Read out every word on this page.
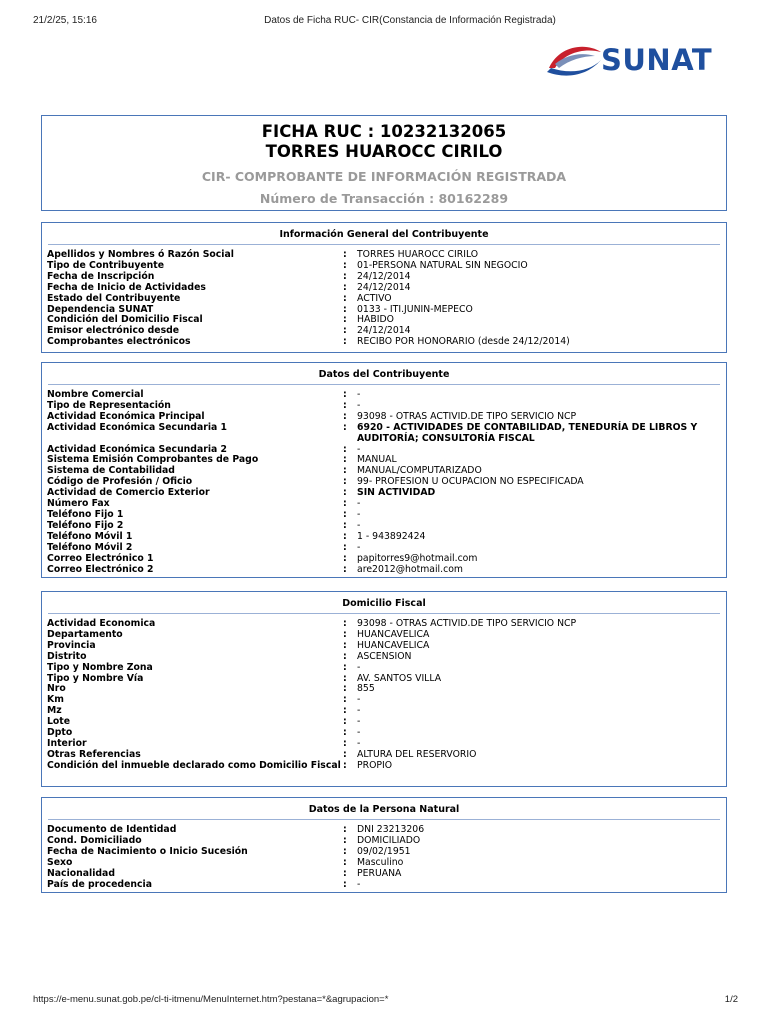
21/2/25, 15:16	Datos de Ficha RUC- CIR(Constancia de Información Registrada)
SUNAT
FICHA RUC : 10232132065
TORRES HUAROCC CIRILO
CIR- COMPROBANTE DE INFORMACIÓN REGISTRADA
Número de Transacción : 80162289
Información General del Contribuyente
Apellidos y Nombres ó Razón Social	:	TORRES HUAROCC CIRILO
Tipo de Contribuyente	:	01-PERSONA NATURAL SIN NEGOCIO
Fecha de Inscripción	:	24/12/2014
Fecha de Inicio de Actividades	:	24/12/2014
Estado del Contribuyente	:	ACTIVO
Dependencia SUNAT	:	0133 - ITI.JUNIN-MEPECO
Condición del Domicilio Fiscal	:	HABIDO
Emisor electrónico desde	:	24/12/2014
Comprobantes electrónicos	:	RECIBO POR HONORARIO (desde 24/12/2014)
Datos del Contribuyente
Nombre Comercial	:	-
Tipo de Representación	:	-
Actividad Económica Principal	:	93098 - OTRAS ACTIVID.DE TIPO SERVICIO NCP
Actividad Económica Secundaria 1	:	6920 - ACTIVIDADES DE CONTABILIDAD, TENEDURÍA DE LIBROS Y AUDITORÍA; CONSULTORÍA FISCAL
Actividad Económica Secundaria 2	:	-
Sistema Emisión Comprobantes de Pago	:	MANUAL
Sistema de Contabilidad	:	MANUAL/COMPUTARIZADO
Código de Profesión / Oficio	:	99- PROFESION U OCUPACION NO ESPECIFICADA
Actividad de Comercio Exterior	:	SIN ACTIVIDAD
Número Fax	:	-
Teléfono Fijo 1	:	-
Teléfono Fijo 2	:	-
Teléfono Móvil 1	:	1 - 943892424
Teléfono Móvil 2	:	-
Correo Electrónico 1	:	papitorres9@hotmail.com
Correo Electrónico 2	:	are2012@hotmail.com
Domicilio Fiscal
Actividad Economica	:	93098 - OTRAS ACTIVID.DE TIPO SERVICIO NCP
Departamento	:	HUANCAVELICA
Provincia	:	HUANCAVELICA
Distrito	:	ASCENSION
Tipo y Nombre Zona	:	-
Tipo y Nombre Vía	:	AV. SANTOS VILLA
Nro	:	855
Km	:	-
Mz	:	-
Lote	:	-
Dpto	:	-
Interior	:	-
Otras Referencias	:	ALTURA DEL RESERVORIO
Condición del inmueble declarado como Domicilio Fiscal :	PROPIO
Datos de la Persona Natural
Documento de Identidad	:	DNI 23213206
Cond. Domiciliado	:	DOMICILIADO
Fecha de Nacimiento o Inicio Sucesión	:	09/02/1951
Sexo	:	Masculino
Nacionalidad	:	PERUANA
País de procedencia	:	-
https://e-menu.sunat.gob.pe/cl-ti-itmenu/MenuInternet.htm?pestana=*&agrupacion=*	1/2
